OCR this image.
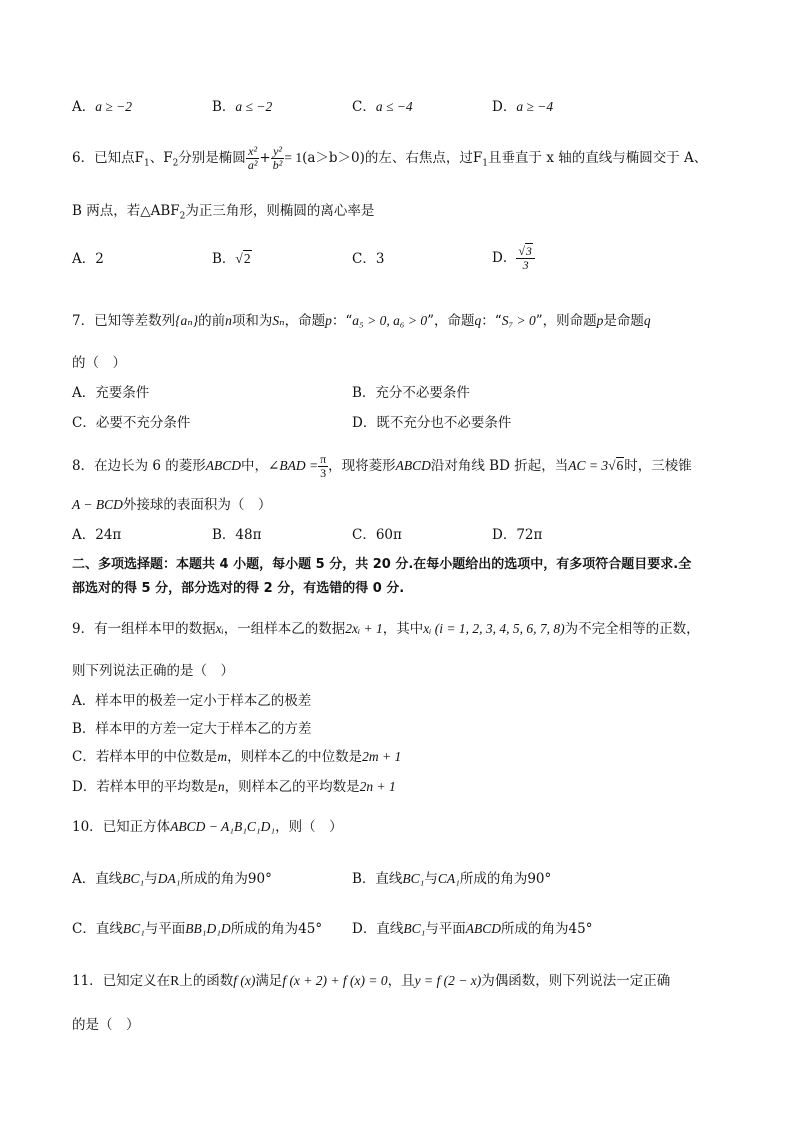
A．a ≥ −2	B．a ≤ −2	C．a ≤ −4	D．a ≥ −4
6．已知点$F_1$、$F_2$分别是椭圆 $\frac{\text{x²}}{\text{a²}} + \frac{\text{y²}}{\text{b²}} = 1(a>b>0)$的左、右焦点，过$F_1$且垂直于 x 轴的直线与椭圆交于 A、
B 两点，若$\triangle ABF_2$为正三角形，则椭圆的离心率是
A．2	B．√2	C．3	D． $\frac{√3}{3}$
7．已知等差数列{aₙ}的前n项和为Sₙ，命题p：“a₅ > 0, a₆ > 0”，命题q：“S₇ > 0”，则命题p是命题q
的（　）
A．充要条件	B．充分不必要条件
C．必要不充分条件	D．既不充分也不必要条件
8．在边长为 6 的菱形ABCD中，∠BAD = $\frac{\pi}{3}$ ，现将菱形ABCD沿对角线 BD 折起，当AC = 3√6时，三棱锥
A − BCD外接球的表面积为（　）
A．24π	B．48π	C．60π	D．72π
二、多项选择题：本题共 4 小题，每小题 5 分，共 20 分.在每小题给出的选项中，有多项符合题目要求.全
部选对的得 5 分，部分选对的得 2 分，有选错的得 0 分.
9．有一组样本甲的数据xᵢ，一组样本乙的数据2xᵢ + 1，其中xᵢ (i = 1, 2, 3, 4, 5, 6, 7, 8)为不完全相等的正数，
则下列说法正确的是（　）
A．样本甲的极差一定小于样本乙的极差
B．样本甲的方差一定大于样本乙的方差
C．若样本甲的中位数是m，则样本乙的中位数是2m + 1
D．若样本甲的平均数是n，则样本乙的平均数是2n + 1
10．已知正方体ABCD − A₁B₁C₁D₁，则（　）
A．直线BC₁与DA₁所成的角为90°	B．直线BC₁与CA₁所成的角为90°
C．直线BC₁与平面BB₁D₁D所成的角为45° D．直线BC₁与平面ABCD所成的角为45°
11．已知定义在R上的函数f (x)满足f (x + 2) + f (x) = 0，且y = f (2 − x)为偶函数，则下列说法一定正确
的是（　）
